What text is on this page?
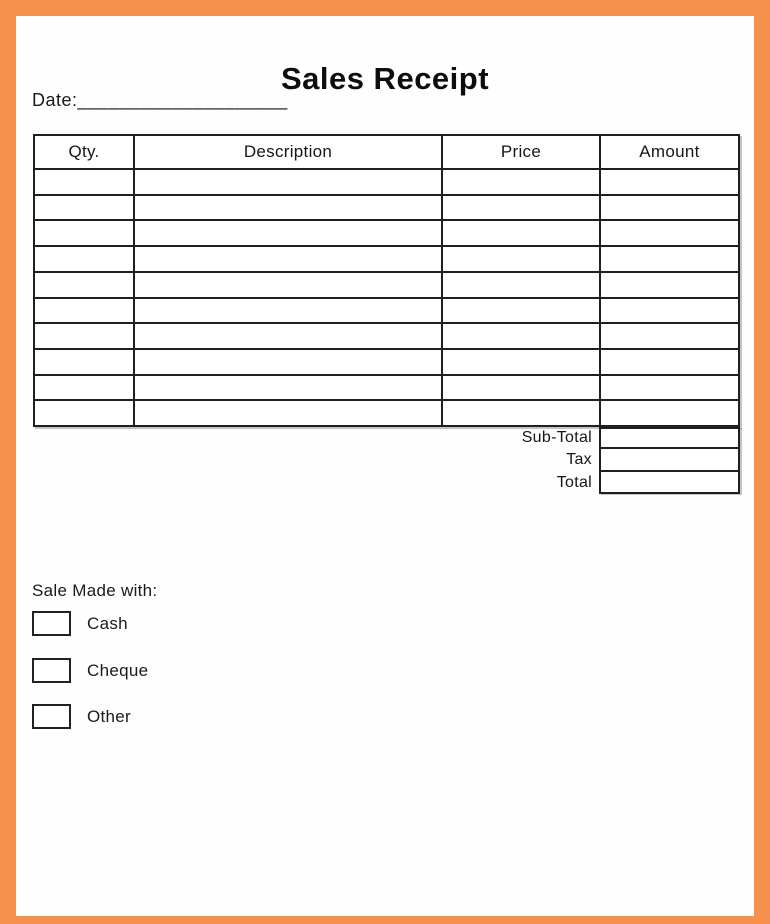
Sales Receipt
Date:____________________
Qty.	Description	Price	Amount
Sub-Total
Tax
Total
Sale Made with:
Cash
Cheque
Other
